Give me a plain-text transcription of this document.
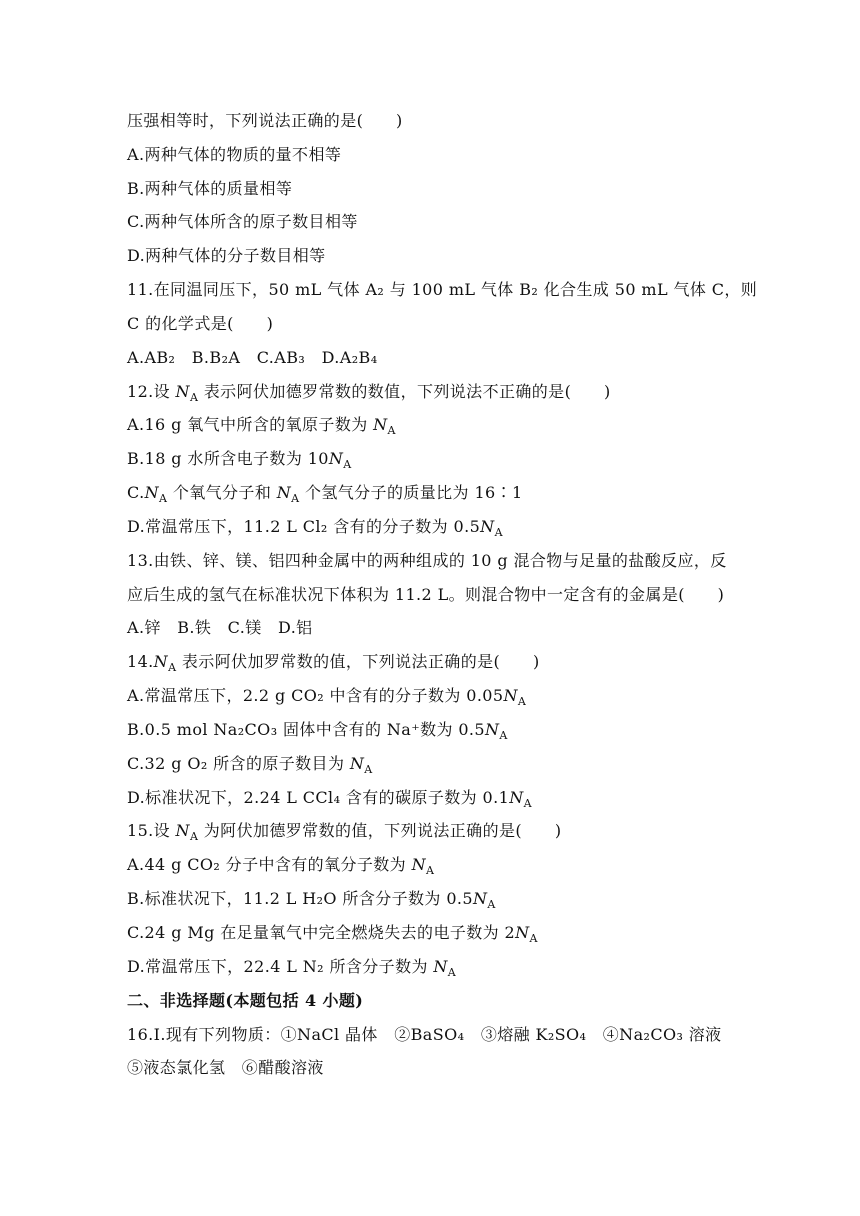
压强相等时，下列说法正确的是(　　)
A.两种气体的物质的量不相等
B.两种气体的质量相等
C.两种气体所含的原子数目相等
D.两种气体的分子数目相等
11.在同温同压下，50 mL 气体 A₂ 与 100 mL 气体 B₂ 化合生成 50 mL 气体 C，则
C 的化学式是(　　)
A.AB₂　B.B₂A　C.AB₃　D.A₂B₄
12.设 $N_A$ 表示阿伏加德罗常数的数值，下列说法不正确的是(　　)
A.16 g 氧气中所含的氧原子数为 $N_A$
B.18 g 水所含电子数为 $10N_A$
$C.N_A$ 个氧气分子和 $N_A$ 个氢气分子的质量比为 16∶1
D.常温常压下，11.2 L Cl₂ 含有的分子数为 $0.5N_A$
13.由铁、锌、镁、铝四种金属中的两种组成的 10 g 混合物与足量的盐酸反应，反
应后生成的氢气在标准状况下体积为 11.2 L。则混合物中一定含有的金属是(　　)
A.锌　B.铁　C.镁　D.铝
$14.N_A$ 表示阿伏加罗常数的值，下列说法正确的是(　　)
A.常温常压下，2.2 g CO₂ 中含有的分子数为 $0.05N_A$
B.0.5 mol Na₂CO₃ 固体中含有的 Na⁺数为 $0.5N_A$
C.32 g O₂ 所含的原子数目为 $N_A$
D.标准状况下，2.24 L CCl₄ 含有的碳原子数为 $0.1N_A$
15.设 $N_A$ 为阿伏加德罗常数的值，下列说法正确的是(　　)
A.44 g CO₂ 分子中含有的氧分子数为 $N_A$
B.标准状况下，11.2 L H₂O 所含分子数为 $0.5N_A$
C.24 g Mg 在足量氧气中完全燃烧失去的电子数为 $2N_A$
D.常温常压下，22.4 L N₂ 所含分子数为 $N_A$
二、非选择题(本题包括 4 小题)
16.Ⅰ.现有下列物质：①NaCl 晶体　②BaSO₄　③熔融 K₂SO₄　④Na₂CO₃ 溶液
⑤液态氯化氢　⑥醋酸溶液
